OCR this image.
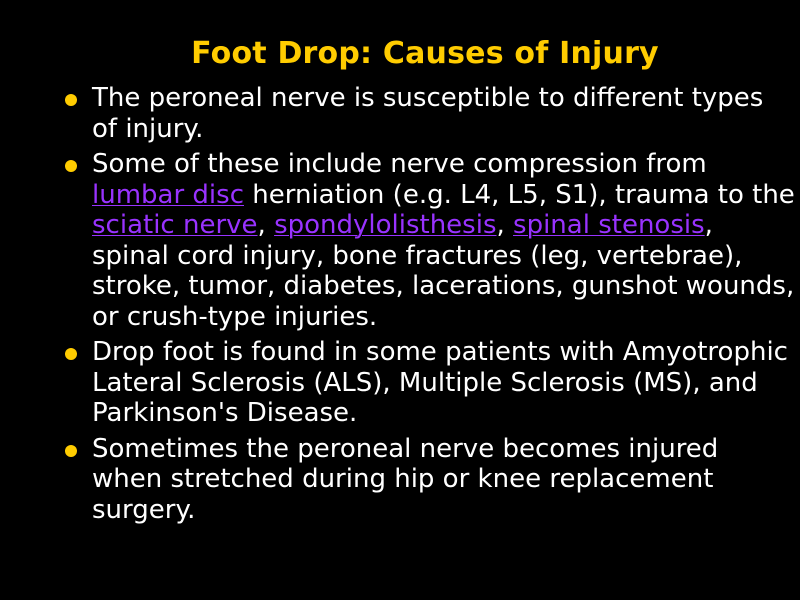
Foot Drop: Causes of Injury
The peroneal nerve is susceptible to different types of injury.
Some of these include nerve compression from lumbar disc herniation (e.g. L4, L5, S1), trauma to the sciatic nerve, spondylolisthesis, spinal stenosis, spinal cord injury, bone fractures (leg, vertebrae), stroke, tumor, diabetes, lacerations, gunshot wounds, or crush-type injuries.
Drop foot is found in some patients with Amyotrophic Lateral Sclerosis (ALS), Multiple Sclerosis (MS), and Parkinson's Disease.
Sometimes the peroneal nerve becomes injured when stretched during hip or knee replacement surgery.
